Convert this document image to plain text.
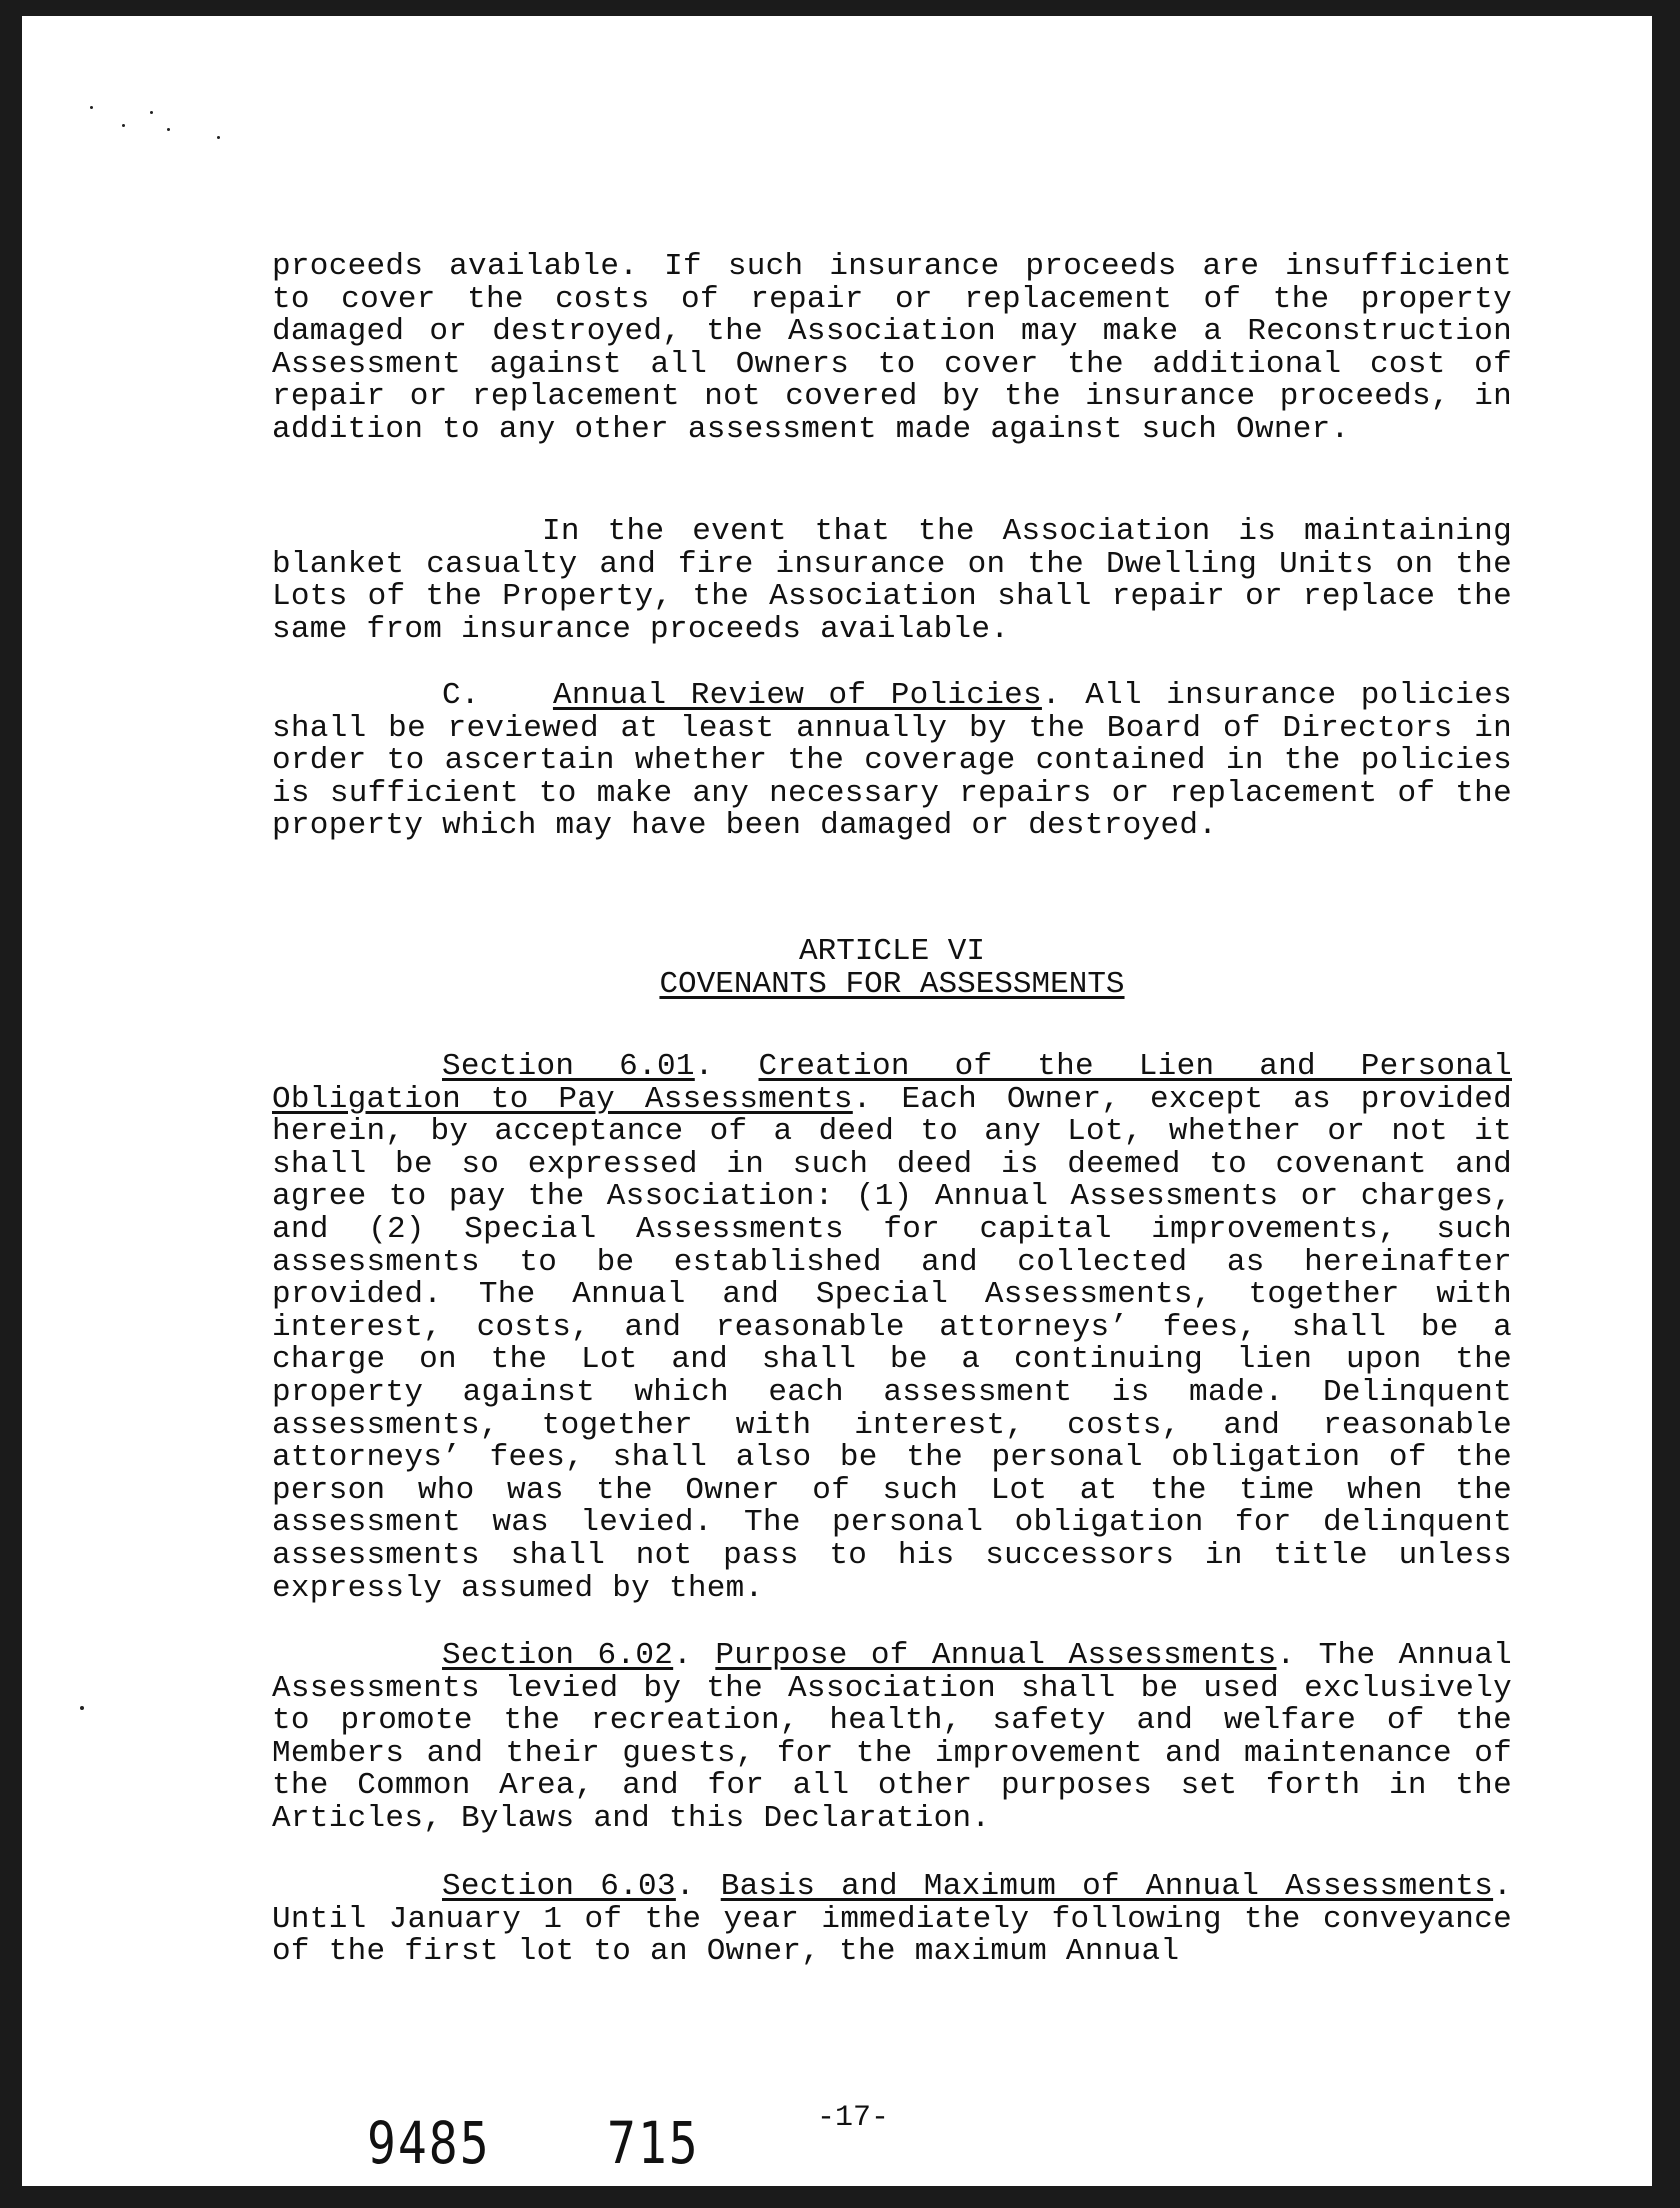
proceeds available. If such insurance proceeds are insufficient to cover the costs of repair or replacement of the property damaged or destroyed, the Association may make a Reconstruction Assessment against all Owners to cover the additional cost of repair or replacement not covered by the insurance proceeds, in addition to any other assessment made against such Owner.
In the event that the Association is maintaining blanket casualty and fire insurance on the Dwelling Units on the Lots of the Property, the Association shall repair or replace the same from insurance proceeds available.
C. Annual Review of Policies. All insurance policies shall be reviewed at least annually by the Board of Directors in order to ascertain whether the coverage contained in the policies is sufficient to make any necessary repairs or replacement of the property which may have been damaged or destroyed.
ARTICLE VI
COVENANTS FOR ASSESSMENTS
Section 6.01. Creation of the Lien and Personal Obligation to Pay Assessments. Each Owner, except as provided herein, by acceptance of a deed to any Lot, whether or not it shall be so expressed in such deed is deemed to covenant and agree to pay the Association: (1) Annual Assessments or charges, and (2) Special Assessments for capital improvements, such assessments to be established and collected as hereinafter provided. The Annual and Special Assessments, together with interest, costs, and reasonable attorneys’ fees, shall be a charge on the Lot and shall be a continuing lien upon the property against which each assessment is made. Delinquent assessments, together with interest, costs, and reasonable attorneys’ fees, shall also be the personal obligation of the person who was the Owner of such Lot at the time when the assessment was levied. The personal obligation for delinquent assessments shall not pass to his successors in title unless expressly assumed by them.
Section 6.02. Purpose of Annual Assessments. The Annual Assessments levied by the Association shall be used exclusively to promote the recreation, health, safety and welfare of the Members and their guests, for the improvement and maintenance of the Common Area, and for all other purposes set forth in the Articles, Bylaws and this Declaration.
Section 6.03. Basis and Maximum of Annual Assessments. Until January 1 of the year immediately following the conveyance of the first lot to an Owner, the maximum Annual
-17-
9485 715
